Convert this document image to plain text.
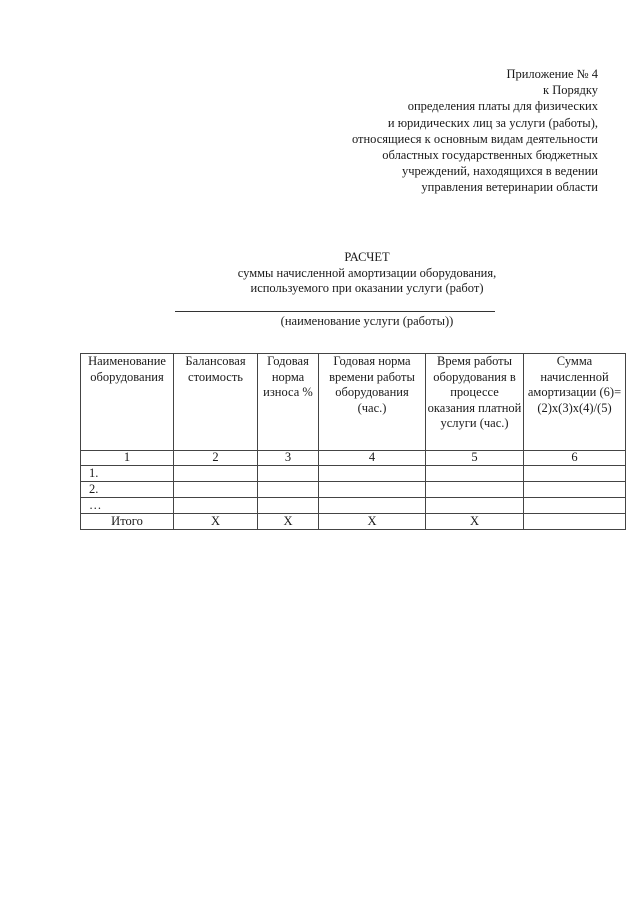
Приложение № 4
к Порядку
определения платы для физических
и юридических лиц за услуги (работы),
относящиеся к основным видам деятельности
областных государственных бюджетных
учреждений, находящихся в ведении
управления ветеринарии области
РАСЧЕТ
суммы начисленной амортизации оборудования,
используемого при оказании услуги (работ)
(наименование услуги (работы))
Наименование оборудования	Балансовая стоимость	Годовая норма износа %	Годовая норма времени работы оборудования (час.)	Время работы оборудования в процессе оказания платной услуги (час.)	Сумма начисленной амортизации (6)=(2)х(3)х(4)/(5)
1	2	3	4	5	6
1.					
2.					
…					
Итого	Х	Х	Х	Х	
